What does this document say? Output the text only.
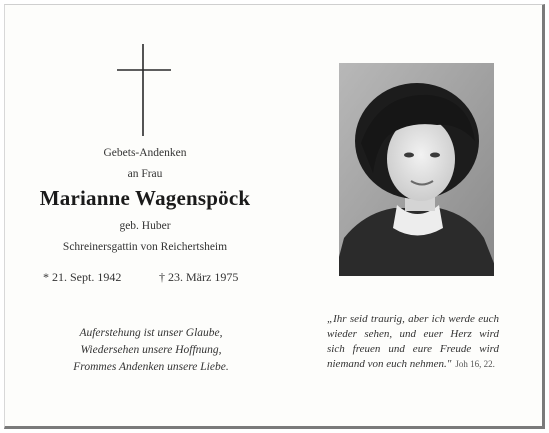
Gebets-Andenken

an Frau

Marianne Wagenspöck

geb. Huber

Schreinersgattin von Reichertsheim

* 21. Sept. 1942	† 23. März 1975

Auferstehung ist unser Glaube,

Wiedersehen unsere Hoffnung,

Frommes Andenken unsere Liebe.

„Ihr seid traurig, aber ich werde euch

wieder sehen, und euer Herz wird

sich freuen und eure Freude wird

niemand von euch nehmen." Joh 16, 22.
